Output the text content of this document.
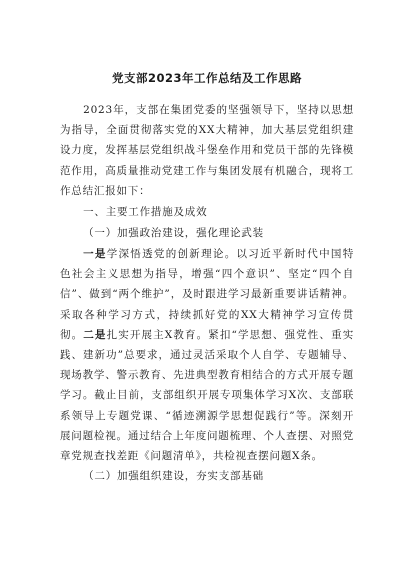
党支部2023年工作总结及工作思路

2023年，支部在集团党委的坚强领导下，坚持以思想为指导，全面贯彻落实党的XX大精神，加大基层党组织建设力度，发挥基层党组织战斗堡垒作用和党员干部的先锋模范作用，高质量推动党建工作与集团发展有机融合，现将工作总结汇报如下：

一、主要工作措施及成效

（一）加强政治建设，强化理论武装

一是学深悟透党的创新理论。以习近平新时代中国特色社会主义思想为指导，增强“四个意识”、坚定“四个自信”、做到“两个维护”，及时跟进学习最新重要讲话精神。采取各种学习方式，持续抓好党的XX大精神学习宣传贯彻。二是扎实开展主X教育。紧扣“学思想、强党性、重实践、建新功”总要求，通过灵活采取个人自学、专题辅导、现场教学、警示教育、先进典型教育相结合的方式开展专题学习。截止目前，支部组织开展专项集体学习X次、支部联系领导上专题党课、“循迹溯源学思想促践行”等。深刻开展问题检视。通过结合上年度问题梳理、个人查摆、对照党章党规查找差距《问题清单》，共检视查摆问题X条。

（二）加强组织建设，夯实支部基础
